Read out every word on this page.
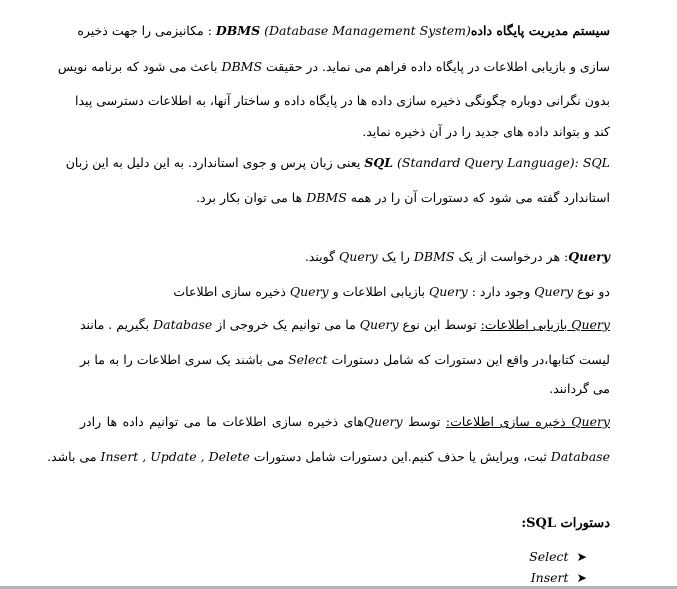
سیستم مدیریت پایگاه دادهDBMS (Database Management System) : مکانیزمی را جهت ذخیره
سازی و بازیابی اطلاعات در پایگاه داده فراهم می نماید. در حقیقت DBMS باعث می شود که برنامه نویس
بدون نگرانی دوباره چگونگی ذخیره سازی داده ها در پایگاه داده و ساختار آنها، به اطلاعات دسترسی پیدا
کند و بتواند داده های جدید را در آن ذخیره نماید.
SQL (Standard Query Language): SQL یعنی زبان پرس و جوی استاندارد. به این دلیل به این زبان
استاندارد گفته می شود که دستورات آن را در همه DBMS ها می توان بکار برد.
Query: هر درخواست از یک DBMS را یک Query گویند.
دو نوع Query وجود دارد : Query بازیابی اطلاعات و Query ذخیره سازی اطلاعات
Query بازیابی اطلاعات: توسط این نوع Query ما می توانیم یک خروجی از Database بگیریم . مانند
لیست کتابها،در واقع این دستورات که شامل دستورات Select می باشند یک سری اطلاعات را به ما بر
می گردانند.
Query ذخیره سازی اطلاعات: توسط Queryهای ذخیره سازی اطلاعات ما می توانیم داده ها رادر
Database ثبت، ویرایش یا حذف کنیم.این دستورات شامل دستورات Insert , Update , Delete می باشد.
دستورات SQL:
Select ➤
Insert ➤
